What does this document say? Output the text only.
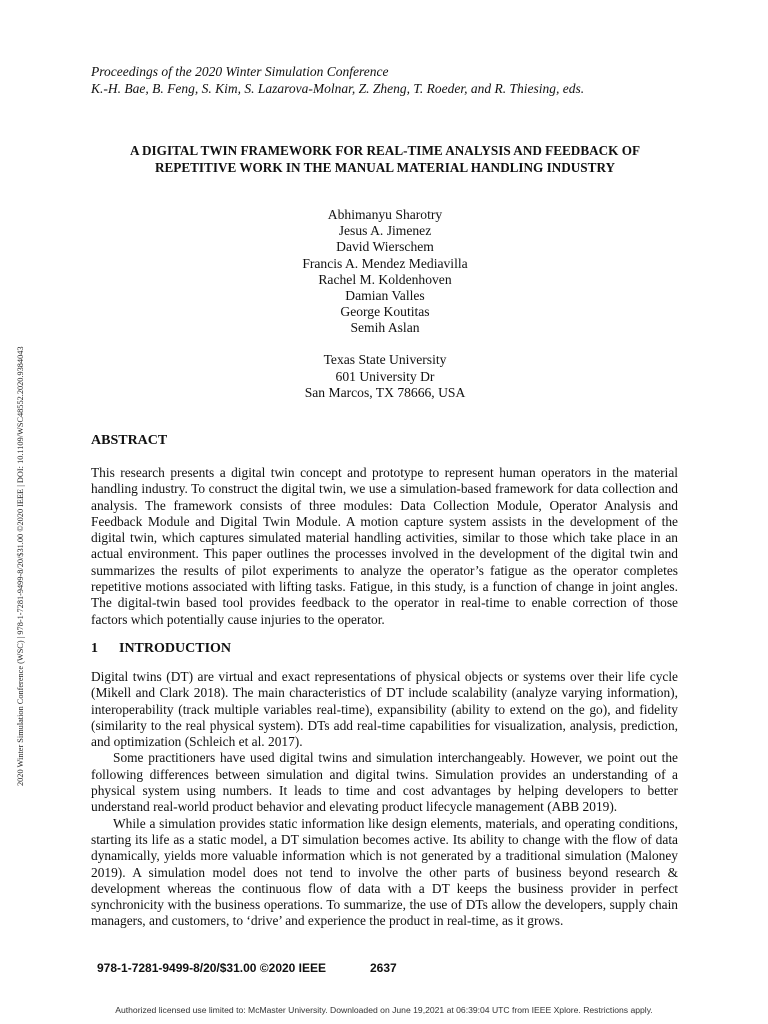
2020 Winter Simulation Conference (WSC) | 978-1-7281-9499-8/20/$31.00 ©2020 IEEE | DOI: 10.1109/WSC48552.2020.9384043
Proceedings of the 2020 Winter Simulation Conference
K.-H. Bae, B. Feng, S. Kim, S. Lazarova-Molnar, Z. Zheng, T. Roeder, and R. Thiesing, eds.
A DIGITAL TWIN FRAMEWORK FOR REAL-TIME ANALYSIS AND FEEDBACK OF
REPETITIVE WORK IN THE MANUAL MATERIAL HANDLING INDUSTRY
Abhimanyu Sharotry
Jesus A. Jimenez
David Wierschem
Francis A. Mendez Mediavilla
Rachel M. Koldenhoven
Damian Valles
George Koutitas
Semih Aslan
Texas State University
601 University Dr
San Marcos, TX 78666, USA
ABSTRACT
This research presents a digital twin concept and prototype to represent human operators in the material handling industry. To construct the digital twin, we use a simulation-based framework for data collection and analysis. The framework consists of three modules: Data Collection Module, Operator Analysis and Feedback Module and Digital Twin Module. A motion capture system assists in the development of the digital twin, which captures simulated material handling activities, similar to those which take place in an actual environment. This paper outlines the processes involved in the development of the digital twin and summarizes the results of pilot experiments to analyze the operator’s fatigue as the operator completes repetitive motions associated with lifting tasks. Fatigue, in this study, is a function of change in joint angles. The digital-twin based tool provides feedback to the operator in real-time to enable correction of those factors which potentially cause injuries to the operator.
1 INTRODUCTION

Digital twins (DT) are virtual and exact representations of physical objects or systems over their life cycle (Mikell and Clark 2018). The main characteristics of DT include scalability (analyze varying information), interoperability (track multiple variables real-time), expansibility (ability to extend on the go), and fidelity (similarity to the real physical system). DTs add real-time capabilities for visualization, analysis, prediction, and optimization (Schleich et al. 2017).

Some practitioners have used digital twins and simulation interchangeably. However, we point out the following differences between simulation and digital twins. Simulation provides an understanding of a physical system using numbers. It leads to time and cost advantages by helping developers to better understand real-world product behavior and elevating product lifecycle management (ABB 2019).

While a simulation provides static information like design elements, materials, and operating conditions, starting its life as a static model, a DT simulation becomes active. Its ability to change with the flow of data dynamically, yields more valuable information which is not generated by a traditional simulation (Maloney 2019). A simulation model does not tend to involve the other parts of business beyond research & development whereas the continuous flow of data with a DT keeps the business provider in perfect synchronicity with the business operations. To summarize, the use of DTs allow the developers, supply chain managers, and customers, to ‘drive’ and experience the product in real-time, as it grows.

978-1-7281-9499-8/20/$31.00 ©2020 IEEE	2637
Authorized licensed use limited to: McMaster University. Downloaded on June 19,2021 at 06:39:04 UTC from IEEE Xplore. Restrictions apply.
